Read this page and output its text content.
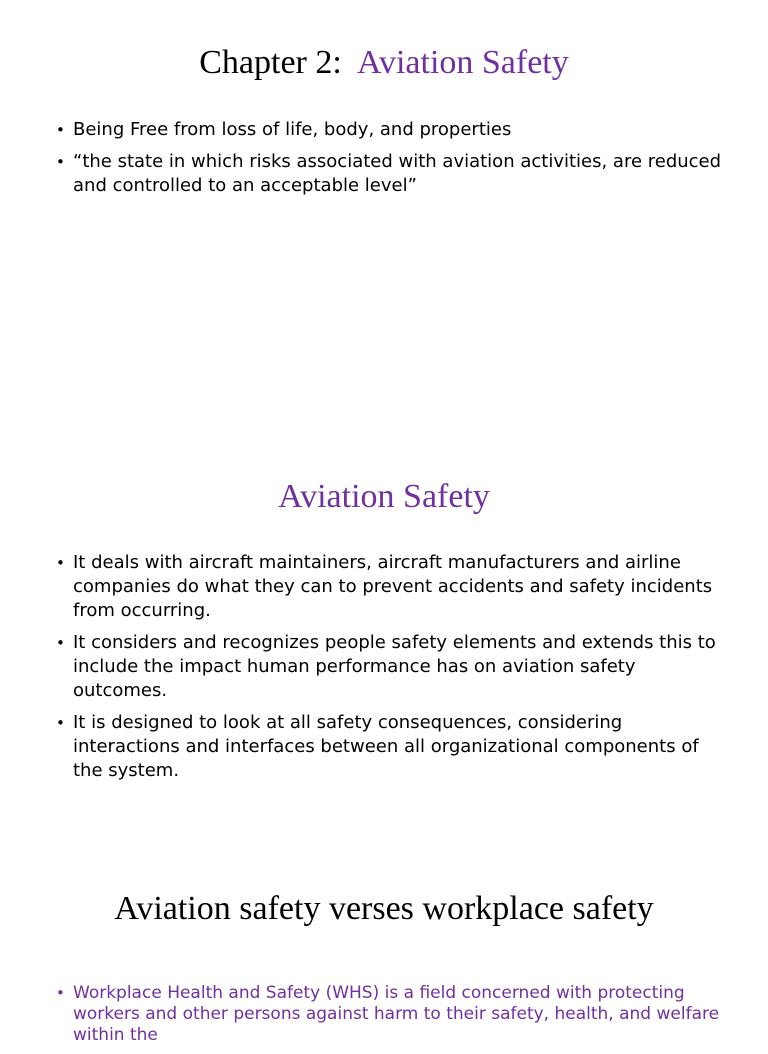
Chapter 2: Aviation Safety
• Being Free from loss of life, body, and properties
• “the state in which risks associated with aviation activities, are reduced and controlled to an acceptable level”
Aviation Safety
• It deals with aircraft maintainers, aircraft manufacturers and airline companies do what they can to prevent accidents and safety incidents from occurring.
• It considers and recognizes people safety elements and extends this to include the impact human performance has on aviation safety outcomes.
• It is designed to look at all safety consequences, considering interactions and interfaces between all organizational components of the system.
Aviation safety verses workplace safety
• Workplace Health and Safety (WHS) is a field concerned with protecting workers and other persons against harm to their safety, health, and welfare within the
